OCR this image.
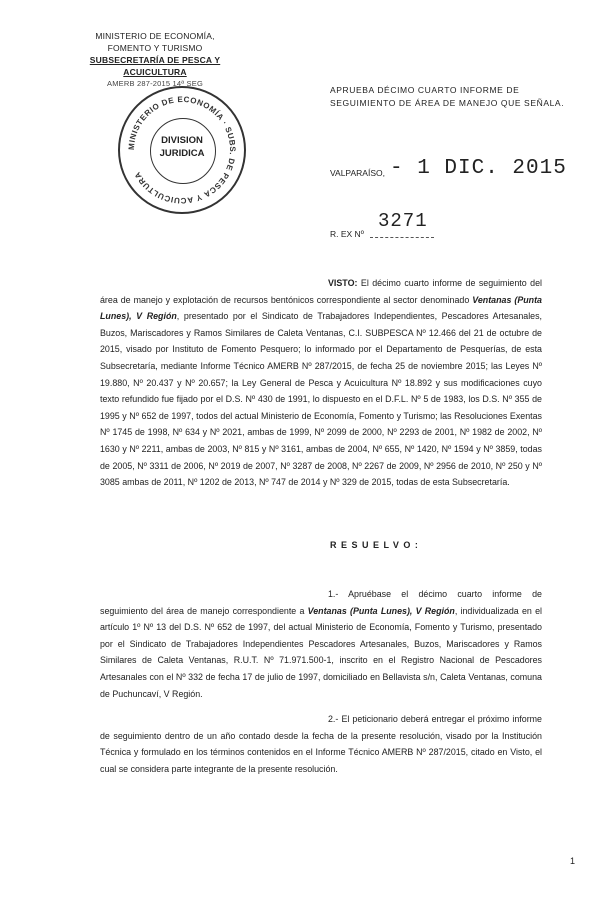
MINISTERIO DE ECONOMÍA,
FOMENTO Y TURISMO
SUBSECRETARÍA DE PESCA Y ACUICULTURA
AMERB 287-2015 14ª SEG
MINISTERIO DE ECONOMÍA · SUBS. DE PESCA Y ACUICULTURA
DIVISION
JURIDICA
APRUEBA DÉCIMO CUARTO INFORME DE SEGUIMIENTO DE ÁREA DE MANEJO QUE SEÑALA.
VALPARAÍSO, - 1 DIC. 2015
3271
R. EX Nº
VISTO: El décimo cuarto informe de seguimiento del área de manejo y explotación de recursos bentónicos correspondiente al sector denominado Ventanas (Punta Lunes), V Región, presentado por el Sindicato de Trabajadores Independientes, Pescadores Artesanales, Buzos, Mariscadores y Ramos Similares de Caleta Ventanas, C.I. SUBPESCA Nº 12.466 del 21 de octubre de 2015, visado por Instituto de Fomento Pesquero; lo informado por el Departamento de Pesquerías, de esta Subsecretaría, mediante Informe Técnico AMERB Nº 287/2015, de fecha 25 de noviembre 2015; las Leyes Nº 19.880, Nº 20.437 y Nº 20.657; la Ley General de Pesca y Acuicultura Nº 18.892 y sus modificaciones cuyo texto refundido fue fijado por el D.S. Nº 430 de 1991, lo dispuesto en el D.F.L. Nº 5 de 1983, los D.S. Nº 355 de 1995 y Nº 652 de 1997, todos del actual Ministerio de Economía, Fomento y Turismo; las Resoluciones Exentas Nº 1745 de 1998, Nº 634 y Nº 2021, ambas de 1999, Nº 2099 de 2000, Nº 2293 de 2001, Nº 1982 de 2002, Nº 1630 y Nº 2211, ambas de 2003, Nº 815 y Nº 3161, ambas de 2004, Nº 655, Nº 1420, Nº 1594 y Nº 3859, todas de 2005, Nº 3311 de 2006, Nº 2019 de 2007, Nº 3287 de 2008, Nº 2267 de 2009, Nº 2956 de 2010, Nº 250 y Nº 3085 ambas de 2011, Nº 1202 de 2013, Nº 747 de 2014 y Nº 329 de 2015, todas de esta Subsecretaría.
RESUELVO:
1.- Apruébase el décimo cuarto informe de seguimiento del área de manejo correspondiente a Ventanas (Punta Lunes), V Región, individualizada en el artículo 1º Nº 13 del D.S. Nº 652 de 1997, del actual Ministerio de Economía, Fomento y Turismo, presentado por el Sindicato de Trabajadores Independientes Pescadores Artesanales, Buzos, Mariscadores y Ramos Similares de Caleta Ventanas, R.U.T. Nº 71.971.500-1, inscrito en el Registro Nacional de Pescadores Artesanales con el Nº 332 de fecha 17 de julio de 1997, domiciliado en Bellavista s/n, Caleta Ventanas, comuna de Puchuncaví, V Región.
2.- El peticionario deberá entregar el próximo informe de seguimiento dentro de un año contado desde la fecha de la presente resolución, visado por la Institución Técnica y formulado en los términos contenidos en el Informe Técnico AMERB Nº 287/2015, citado en Visto, el cual se considera parte integrante de la presente resolución.
1
